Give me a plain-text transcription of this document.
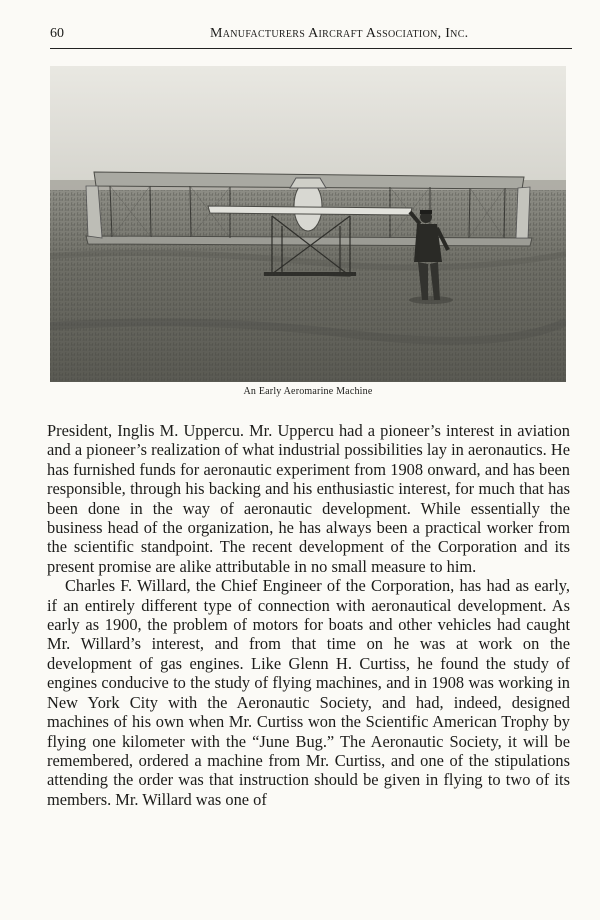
60	Manufacturers Aircraft Association, Inc.
An Early Aeromarine Machine

President, Inglis M. Uppercu. Mr. Uppercu had a pioneer’s interest in aviation and a pioneer’s realization of what industrial possibilities lay in aeronautics. He has furnished funds for aeronautic experiment from 1908 onward, and has been responsible, through his backing and his enthusiastic interest, for much that has been done in the way of aeronautic development. While essentially the business head of the organization, he has always been a practical worker from the scientific standpoint. The recent development of the Corporation and its present promise are alike attributable in no small measure to him.

Charles F. Willard, the Chief Engineer of the Corporation, has had as early, if an entirely different type of connection with aeronautical development. As early as 1900, the problem of motors for boats and other vehicles had caught Mr. Willard’s interest, and from that time on he was at work on the development of gas engines. Like Glenn H. Curtiss, he found the study of engines conducive to the study of flying machines, and in 1908 was working in New York City with the Aeronautic Society, and had, indeed, designed machines of his own when Mr. Curtiss won the Scientific American Trophy by flying one kilometer with the “June Bug.” The Aeronautic Society, it will be remembered, ordered a machine from Mr. Curtiss, and one of the stipulations attending the order was that instruction should be given in flying to two of its members. Mr. Willard was one of
